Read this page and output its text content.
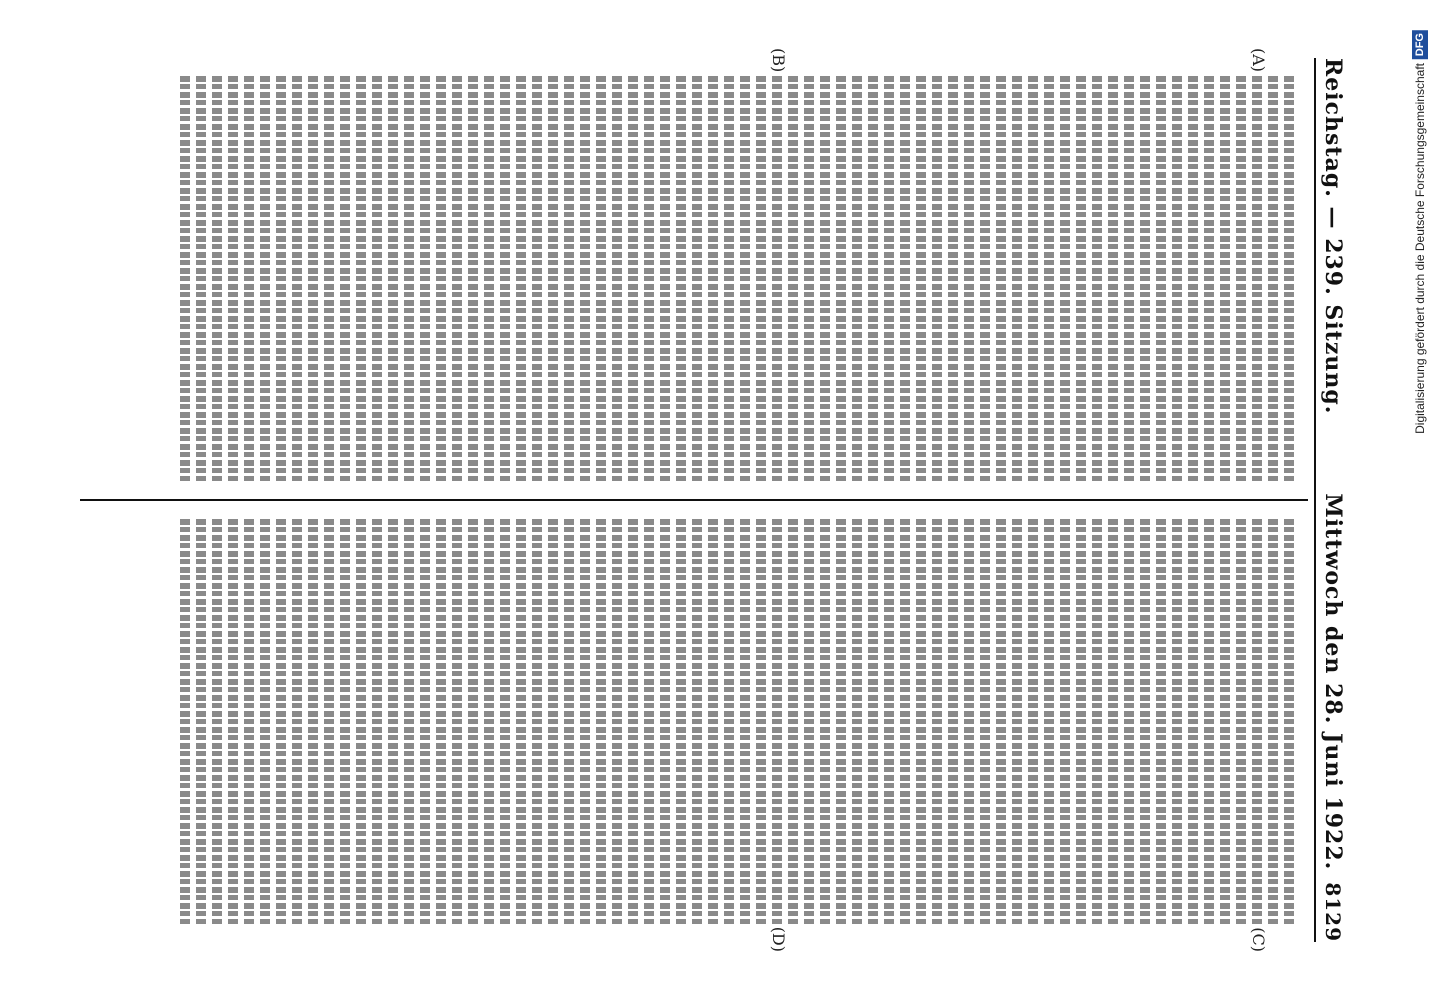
Reichstag. — 239. Sitzung.
Mittwoch den 28. Juni 1922.
8129
(A)
(B)
(C)
(D)
DFG
Digitalisierung gefördert durch die Deutsche Forschungsgemeinschaft
